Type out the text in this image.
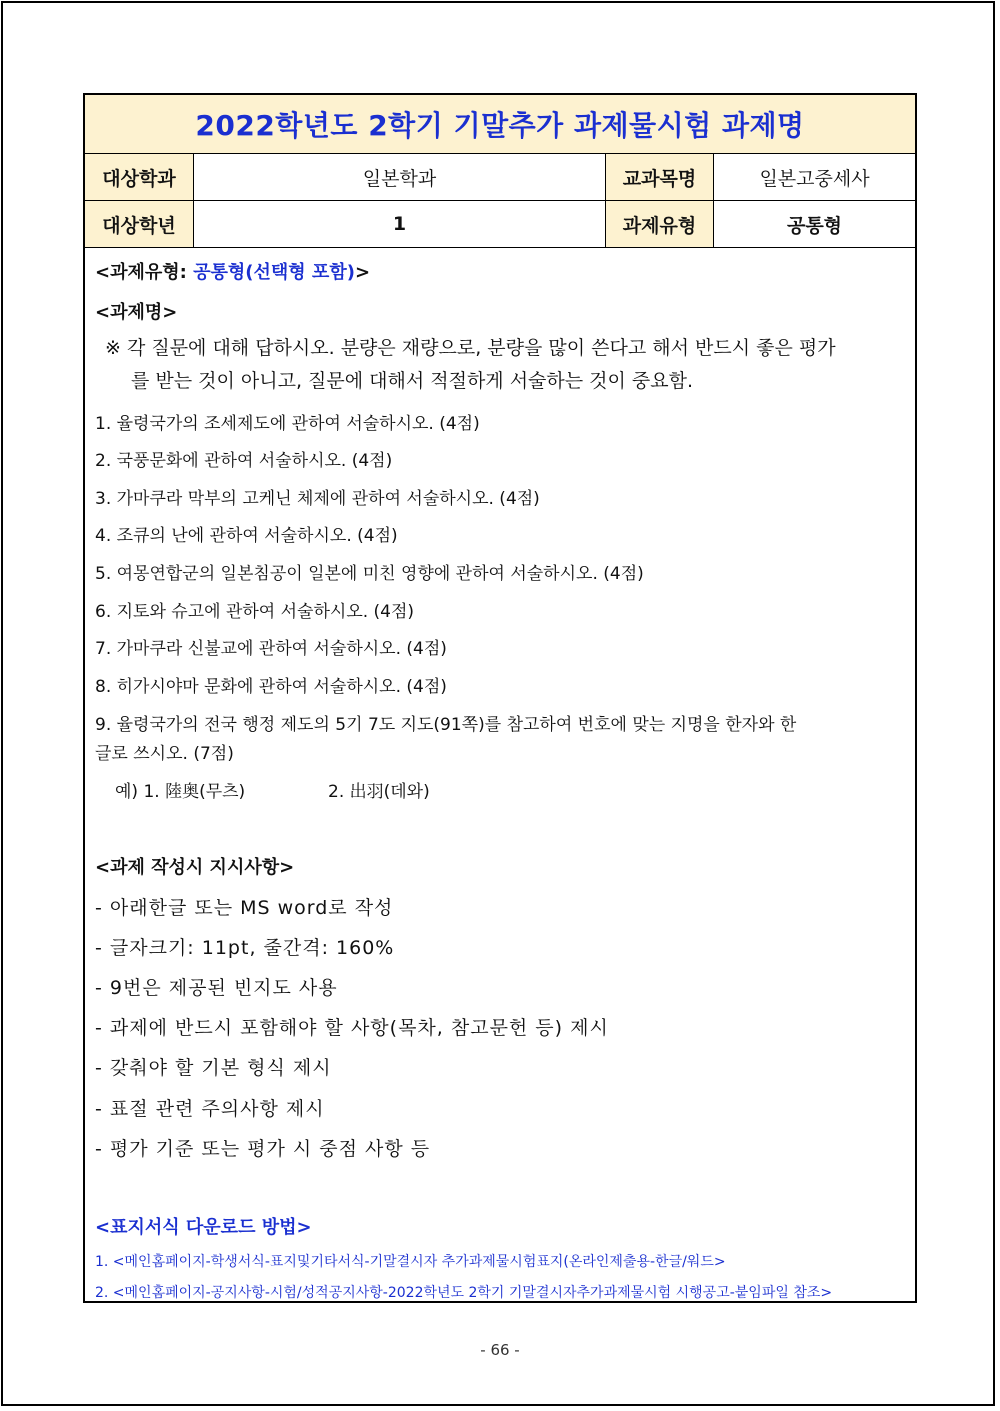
2022학년도 2학기 기말추가 과제물시험 과제명
대상학과	일본학과	교과목명	일본고중세사
대상학년	1	과제유형	공통형
<과제유형: 공통형(선택형 포함)>
<과제명>
※ 각 질문에 대해 답하시오. 분량은 재량으로, 분량을 많이 쓴다고 해서 반드시 좋은 평가
를 받는 것이 아니고, 질문에 대해서 적절하게 서술하는 것이 중요함.
1. 율령국가의 조세제도에 관하여 서술하시오. (4점)
2. 국풍문화에 관하여 서술하시오. (4점)
3. 가마쿠라 막부의 고케닌 체제에 관하여 서술하시오. (4점)
4. 조큐의 난에 관하여 서술하시오. (4점)
5. 여몽연합군의 일본침공이 일본에 미친 영향에 관하여 서술하시오. (4점)
6. 지토와 슈고에 관하여 서술하시오. (4점)
7. 가마쿠라 신불교에 관하여 서술하시오. (4점)
8. 히가시야마 문화에 관하여 서술하시오. (4점)
9. 율령국가의 전국 행정 제도의 5기 7도 지도(91쪽)를 참고하여 번호에 맞는 지명을 한자와 한
글로 쓰시오. (7점)
예) 1. 陸奥(무츠)	2. 出羽(데와)
<과제 작성시 지시사항>
- 아래한글 또는 MS word로 작성
- 글자크기: 11pt, 줄간격: 160%
- 9번은 제공된 빈지도 사용
- 과제에 반드시 포함해야 할 사항(목차, 참고문헌 등) 제시
- 갖춰야 할 기본 형식 제시
- 표절 관련 주의사항 제시
- 평가 기준 또는 평가 시 중점 사항 등
<표지서식 다운로드 방법>
1. <메인홈페이지-학생서식-표지및기타서식-기말결시자 추가과제물시험표지(온라인제출용-한글/워드>
2. <메인홈페이지-공지사항-시험/성적공지사항-2022학년도 2학기 기말결시자추가과제물시험 시행공고-붙임파일 참조>
- 66 -
